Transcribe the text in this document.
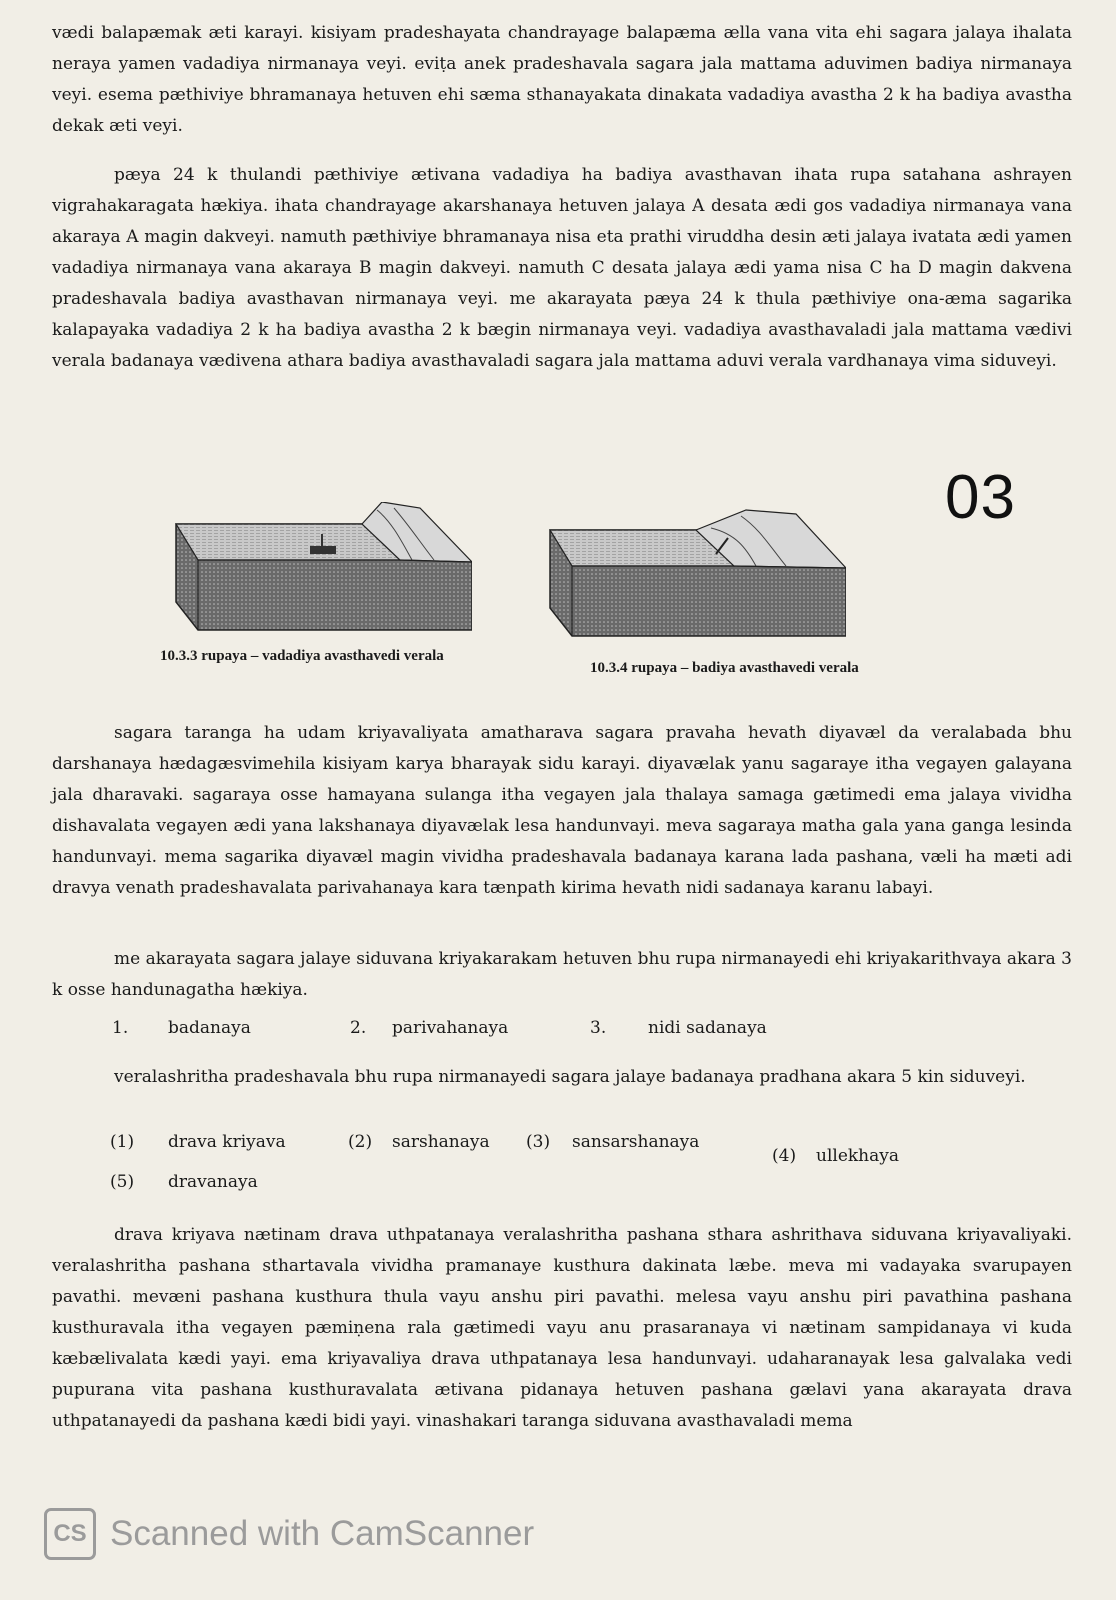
vædi balapæmak æti karayi. kisiyam pradeshayata chandrayage balapæma ælla vana vita ehi sagara jalaya ihalata neraya yamen vadadiya nirmanaya veyi. eviṭa anek pradeshavala sagara jala mattama aduvimen badiya nirmanaya veyi. esema pæthiviye bhramanaya hetuven ehi sæma sthanayakata dinakata vadadiya avastha 2 k ha badiya avastha dekak æti veyi.
pæya 24 k thulandi pæthiviye ætivana vadadiya ha badiya avasthavan ihata rupa satahana ashrayen vigrahakaragata hækiya. ihata chandrayage akarshanaya hetuven jalaya A desata ædi gos vadadiya nirmanaya vana akaraya A magin dakveyi. namuth pæthiviye bhramanaya nisa eta prathi viruddha desin æti jalaya ivatata ædi yamen vadadiya nirmanaya vana akaraya B magin dakveyi. namuth C desata jalaya ædi yama nisa C ha D magin dakvena pradeshavala badiya avasthavan nirmanaya veyi. me akarayata pæya 24 k thula pæthiviye ona-æma sagarika kalapayaka vadadiya 2 k ha badiya avastha 2 k bægin nirmanaya veyi. vadadiya avasthavaladi jala mattama vædivi verala badanaya vædivena athara badiya avasthavaladi sagara jala mattama aduvi verala vardhanaya vima siduveyi.
03
10.3.3 rupaya – vadadiya avasthavedi verala
10.3.4 rupaya – badiya avasthavedi verala
sagara taranga ha udam kriyavaliyata amatharava sagara pravaha hevath diyavæl da veralabada bhu darshanaya hædagæsvimehila kisiyam karya bharayak sidu karayi. diyavælak yanu sagaraye itha vegayen galayana jala dharavaki. sagaraya osse hamayana sulanga itha vegayen jala thalaya samaga gætimedi ema jalaya vividha dishavalata vegayen ædi yana lakshanaya diyavælak lesa handunvayi. meva sagaraya matha gala yana ganga lesinda handunvayi. mema sagarika diyavæl magin vividha pradeshavala badanaya karana lada pashana, væli ha mæti adi dravya venath pradeshavalata parivahanaya kara tænpath kirima hevath nidi sadanaya karanu labayi.
me akarayata sagara jalaye siduvana kriyakarakam hetuven bhu rupa nirmanayedi ehi kriyakarithvaya akara 3 k osse handunagatha hækiya.
1. badanaya	2. parivahanaya	3. nidi sadanaya
veralashritha pradeshavala bhu rupa nirmanayedi sagara jalaye badanaya pradhana akara 5 kin siduveyi.
(1) drava kriyava	(2) sarshanaya (3) sansarshanaya
(4) ullekhaya
(5) dravanaya
drava kriyava nætinam drava uthpatanaya veralashritha pashana sthara ashrithava siduvana kriyavaliyaki. veralashritha pashana sthartavala vividha pramanaye kusthura dakinata læbe. meva mi vadayaka svarupayen pavathi. mevæni pashana kusthura thula vayu anshu piri pavathi. melesa vayu anshu piri pavathina pashana kusthuravala itha vegayen pæmiṇena rala gætimedi vayu anu prasaranaya vi nætinam sampidanaya vi kuda kæbælivalata kædi yayi. ema kriyavaliya drava uthpatanaya lesa handunvayi. udaharanayak lesa galvalaka vedi pupurana vita pashana kusthuravalata ætivana pidanaya hetuven pashana gælavi yana akarayata drava uthpatanayedi da pashana kædi bidi yayi. vinashakari taranga siduvana avasthavaladi mema
CS Scanned with CamScanner
